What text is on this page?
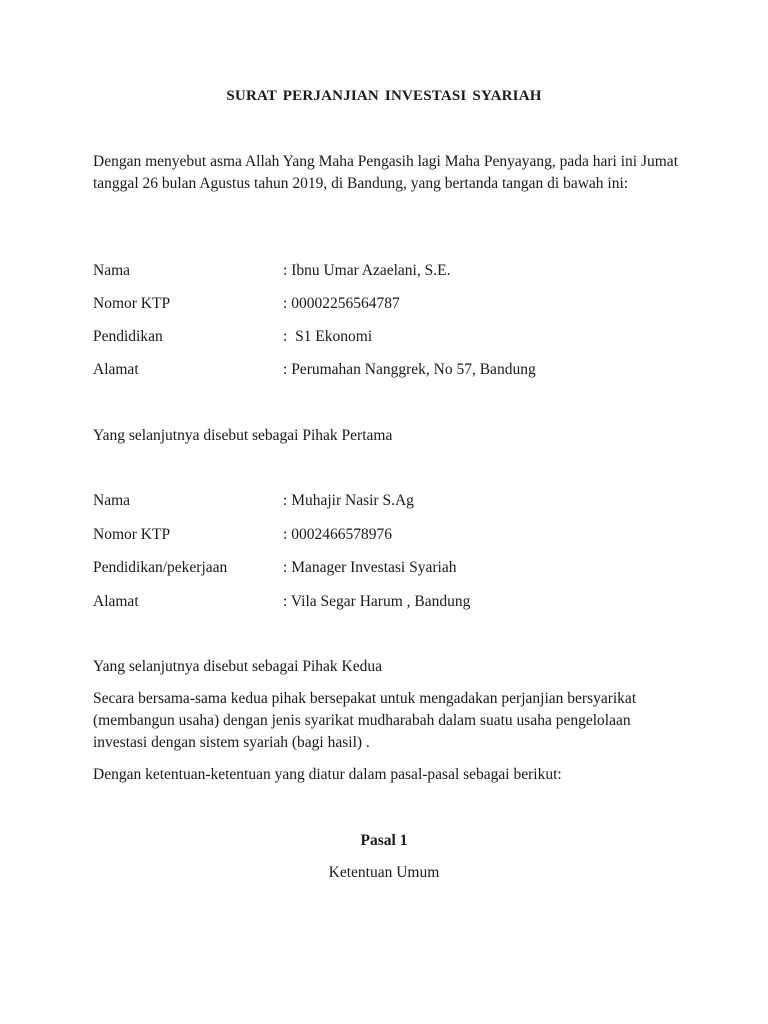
SURAT PERJANJIAN INVESTASI SYARIAH

Dengan menyebut asma Allah Yang Maha Pengasih lagi Maha Penyayang, pada hari ini Jumat tanggal 26 bulan Agustus tahun 2019, di Bandung, yang bertanda tangan di bawah ini:

Nama	: Ibnu Umar Azaelani, S.E.
Nomor KTP	: 00002256564787
Pendidikan	: S1 Ekonomi
Alamat	: Perumahan Nanggrek, No 57, Bandung
Yang selanjutnya disebut sebagai Pihak Pertama
Nama	: Muhajir Nasir S.Ag
Nomor KTP	: 0002466578976
Pendidikan/pekerjaan	: Manager Investasi Syariah
Alamat	: Vila Segar Harum , Bandung
Yang selanjutnya disebut sebagai Pihak Kedua

Secara bersama-sama kedua pihak bersepakat untuk mengadakan perjanjian bersyarikat (membangun usaha) dengan jenis syarikat mudharabah dalam suatu usaha pengelolaan investasi dengan sistem syariah (bagi hasil) .

Dengan ketentuan-ketentuan yang diatur dalam pasal-pasal sebagai berikut:
Pasal 1
Ketentuan Umum
